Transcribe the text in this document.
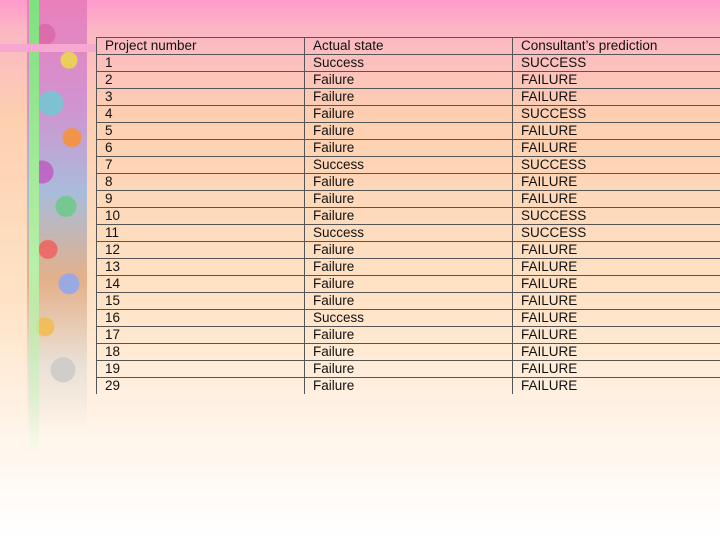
Project number	Actual state	Consultant’s prediction
1	Success	SUCCESS
2	Failure	FAILURE
3	Failure	FAILURE
4	Failure	SUCCESS
5	Failure	FAILURE
6	Failure	FAILURE
7	Success	SUCCESS
8	Failure	FAILURE
9	Failure	FAILURE
10	Failure	SUCCESS
11	Success	SUCCESS
12	Failure	FAILURE
13	Failure	FAILURE
14	Failure	FAILURE
15	Failure	FAILURE
16	Success	FAILURE
17	Failure	FAILURE
18	Failure	FAILURE
19	Failure	FAILURE
29	Failure	FAILURE
